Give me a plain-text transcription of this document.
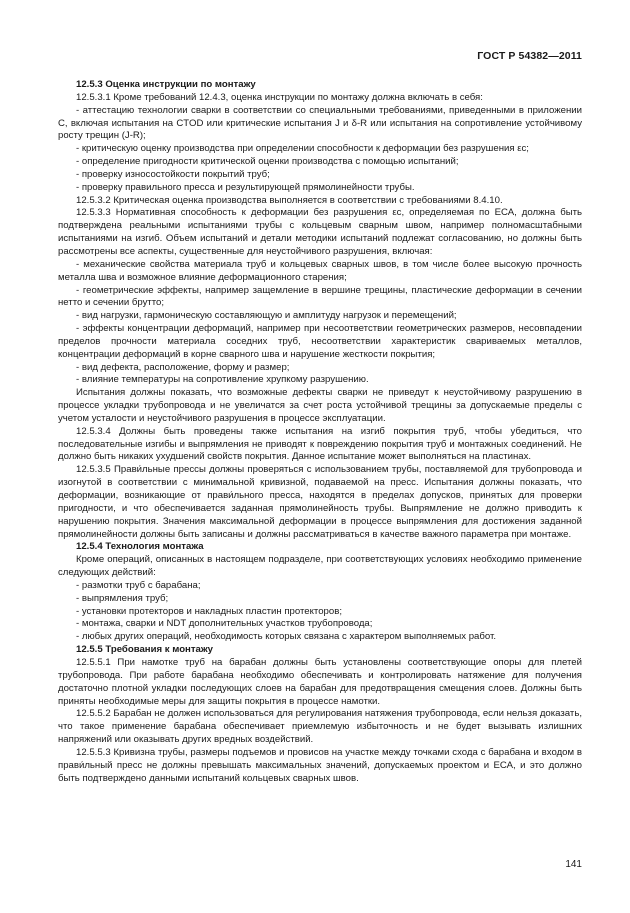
ГОСТ Р 54382—2011
12.5.3 Оценка инструкции по монтажу

12.5.3.1 Кроме требований 12.4.3, оценка инструкции по монтажу должна включать в себя:

- аттестацию технологии сварки в соответствии со специальными требованиями, приведенными в приложении С, включая испытания на CTOD или критические испытания J и δ-R или испытания на сопротивление устойчивому росту трещин (J-R);

- критическую оценку производства при определении способности к деформации без разрушения εc;

- определение пригодности критической оценки производства с помощью испытаний;

- проверку износостойкости покрытий труб;

- проверку правильного пресса и результирующей прямолинейности трубы.

12.5.3.2 Критическая оценка производства выполняется в соответствии с требованиями 8.4.10.

12.5.3.3 Нормативная способность к деформации без разрушения εc, определяемая по ЕСА, должна быть подтверждена реальными испытаниями трубы с кольцевым сварным швом, например полномасштабными испытаниями на изгиб. Объем испытаний и детали методики испытаний подлежат согласованию, но должны быть рассмотрены все аспекты, существенные для неустойчивого разрушения, включая:

- механические свойства материала труб и кольцевых сварных швов, в том числе более высокую прочность металла шва и возможное влияние деформационного старения;

- геометрические эффекты, например защемление в вершине трещины, пластические деформации в сечении нетто и сечении брутто;

- вид нагрузки, гармоническую составляющую и амплитуду нагрузок и перемещений;

- эффекты концентрации деформаций, например при несоответствии геометрических размеров, несовпадении пределов прочности материала соседних труб, несоответствии характеристик свариваемых металлов, концентрации деформаций в корне сварного шва и нарушение жесткости покрытия;

- вид дефекта, расположение, форму и размер;

- влияние температуры на сопротивление хрупкому разрушению.

Испытания должны показать, что возможные дефекты сварки не приведут к неустойчивому разрушению в процессе укладки трубопровода и не увеличатся за счет роста устойчивой трещины за допускаемые пределы с учетом усталости и неустойчивого разрушения в процессе эксплуатации.

12.5.3.4 Должны быть проведены также испытания на изгиб покрытия труб, чтобы убедиться, что последовательные изгибы и выпрямления не приводят к повреждению покрытия труб и монтажных соединений. Не должно быть никаких ухудшений свойств покрытия. Данное испытание может выполняться на пластинах.

12.5.3.5 Прави́льные прессы должны проверяться с использованием трубы, поставляемой для трубопровода и изогнутой в соответствии с минимальной кривизной, подаваемой на пресс. Испытания должны показать, что деформации, возникающие от прави́льного пресса, находятся в пределах допусков, принятых для проверки пригодности, и что обеспечивается заданная прямолинейность трубы. Выпрямление не должно приводить к нарушению покрытия. Значения максимальной деформации в процессе выпрямления для достижения заданной прямолинейности должны быть записаны и должны рассматриваться в качестве важного параметра при монтаже.

12.5.4 Технология монтажа

Кроме операций, описанных в настоящем подразделе, при соответствующих условиях необходимо применение следующих действий:

- размотки труб с барабана;

- выпрямления труб;

- установки протекторов и накладных пластин протекторов;

- монтажа, сварки и NDT дополнительных участков трубопровода;

- любых других операций, необходимость которых связана с характером выполняемых работ.

12.5.5 Требования к монтажу

12.5.5.1 При намотке труб на барабан должны быть установлены соответствующие опоры для плетей трубопровода. При работе барабана необходимо обеспечивать и контролировать натяжение для получения достаточно плотной укладки последующих слоев на барабан для предотвращения смещения слоев. Должны быть приняты необходимые меры для защиты покрытия в процессе намотки.

12.5.5.2 Барабан не должен использоваться для регулирования натяжения трубопровода, если нельзя доказать, что такое применение барабана обеспечивает приемлемую избыточность и не будет вызывать излишних напряжений или оказывать других вредных воздействий.

12.5.5.3 Кривизна трубы, размеры подъемов и провисов на участке между точками схода с барабана и входом в прави́льный пресс не должны превышать максимальных значений, допускаемых проектом и ЕСА, и это должно быть подтверждено данными испытаний кольцевых сварных швов.

141
